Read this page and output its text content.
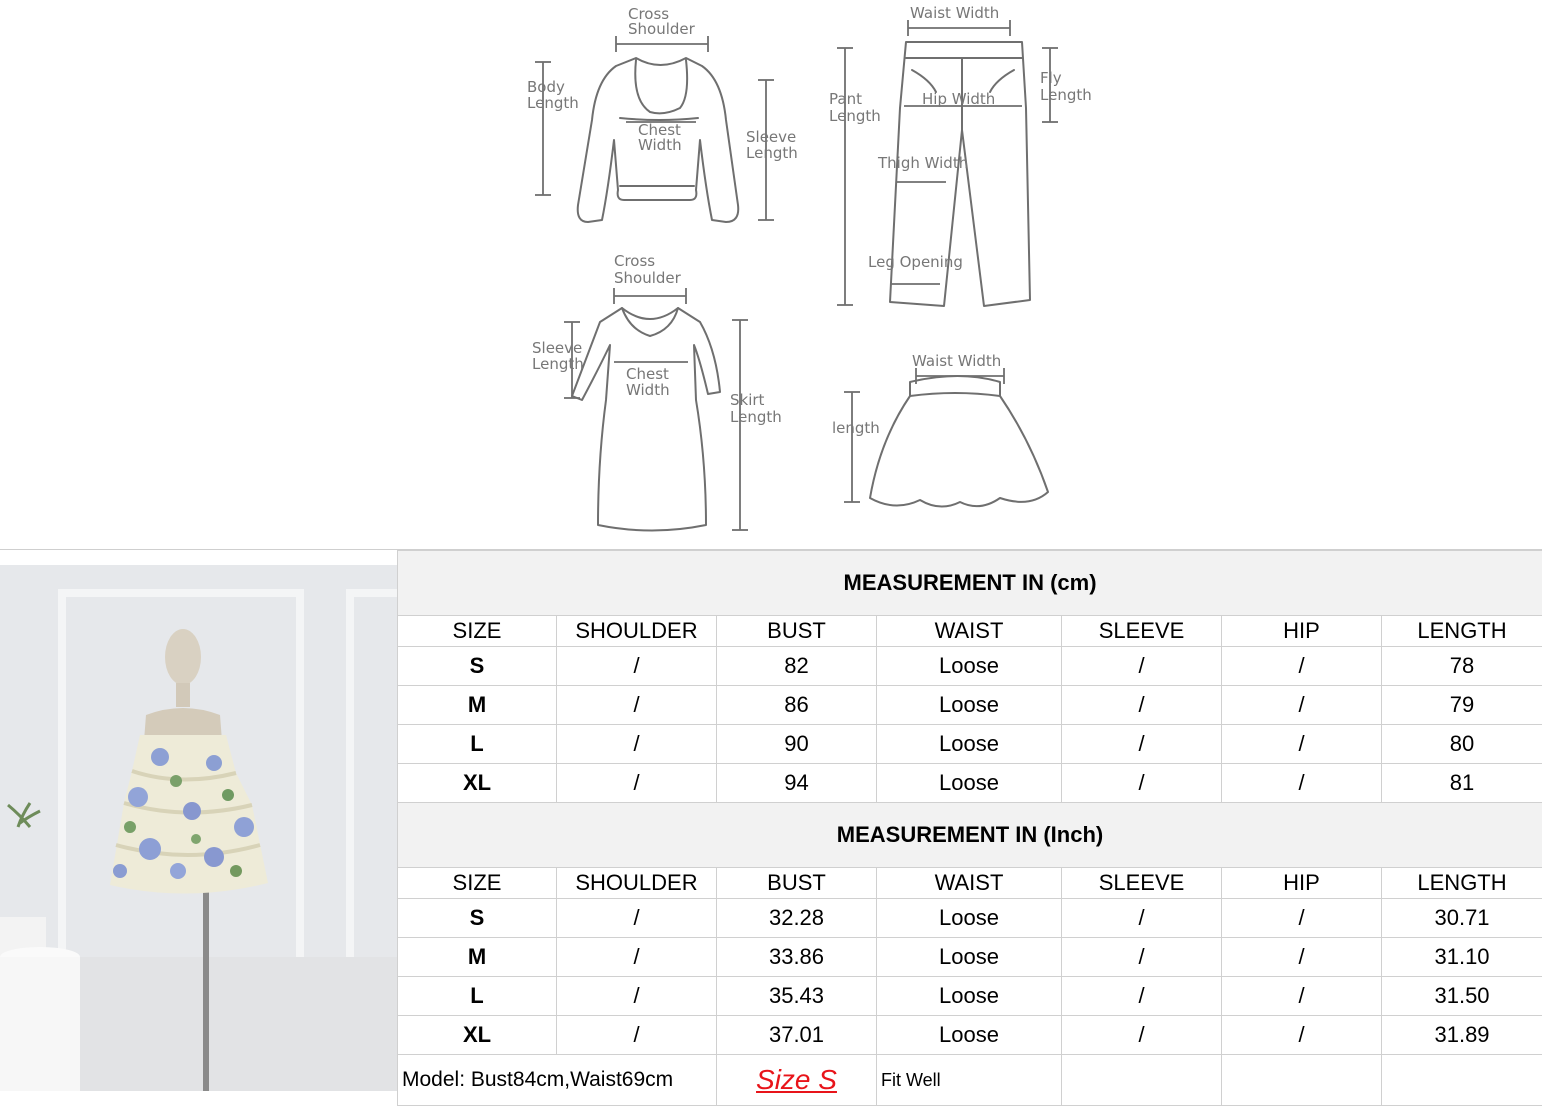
Cross
Shoulder
Body
Length
Chest
Width	Sleeve
Length
Waist Width
Fly
Length
Pant
Length
Hip Width
Thigh Width
Leg Opening
Cross
Shoulder
Sleeve
Length
Chest
Width
Skirt
Length
Waist Width
length
MEASUREMENT IN (cm)						
SIZE	SHOULDER	BUST	WAIST	SLEEVE	HIP	LENGTH
S	/	82	Loose	/	/	78
M	/	86	Loose	/	/	79
L	/	90	Loose	/	/	80
XL	/	94	Loose	/	/	81
MEASUREMENT IN (Inch)						
SIZE	SHOULDER	BUST	WAIST	SLEEVE	HIP	LENGTH
S	/	32.28	Loose	/	/	30.71
M	/	33.86	Loose	/	/	31.10
L	/	35.43	Loose	/	/	31.50
XL	/	37.01	Loose	/	/	31.89
Model: Bust84cm,Waist69cm		Size S	Fit Well			
